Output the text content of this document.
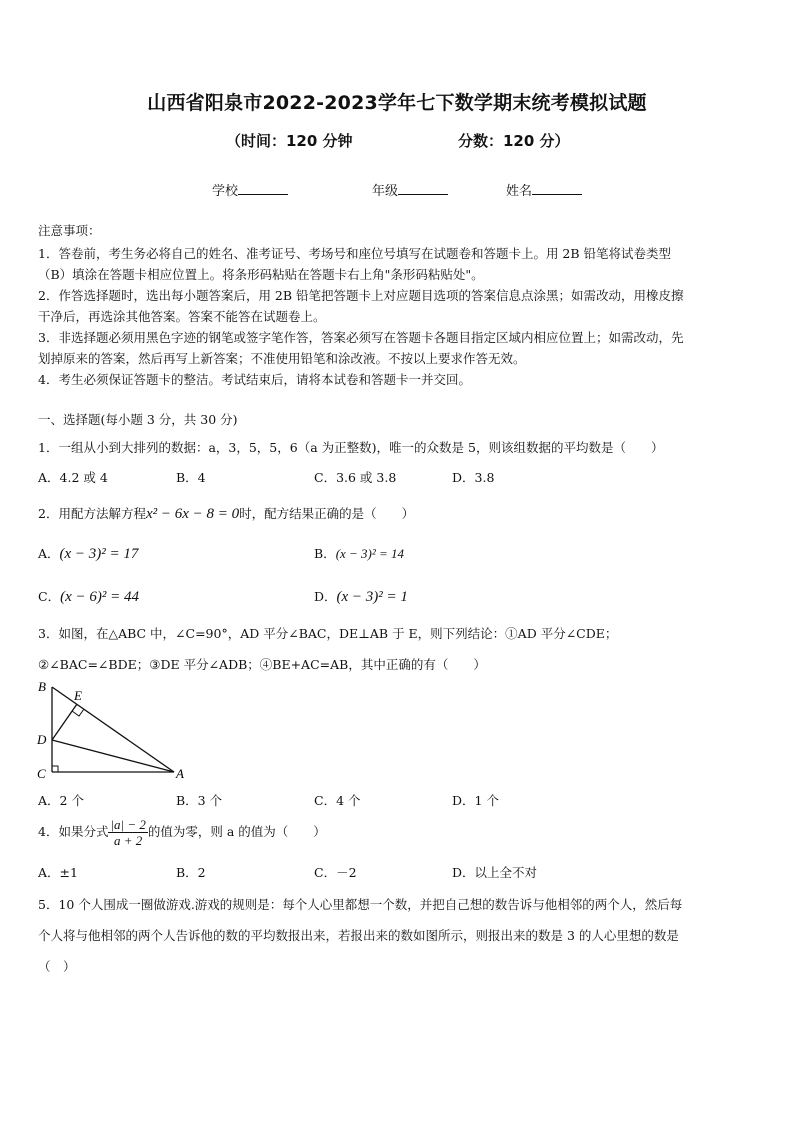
山西省阳泉市2022-2023学年七下数学期末统考模拟试题
（时间：120 分钟	分数：120 分）
学校	年级	姓名
注意事项：
1．答卷前，考生务必将自己的姓名、准考证号、考场号和座位号填写在试题卷和答题卡上。用 2B 铅笔将试卷类型
（B）填涂在答题卡相应位置上。将条形码粘贴在答题卡右上角"条形码粘贴处"。
2．作答选择题时，选出每小题答案后，用 2B 铅笔把答题卡上对应题目选项的答案信息点涂黑；如需改动，用橡皮擦
干净后，再选涂其他答案。答案不能答在试题卷上。
3．非选择题必须用黑色字迹的钢笔或签字笔作答，答案必须写在答题卡各题目指定区域内相应位置上；如需改动，先
划掉原来的答案，然后再写上新答案；不准使用铅笔和涂改液。不按以上要求作答无效。
4．考生必须保证答题卡的整洁。考试结束后，请将本试卷和答题卡一并交回。
一、选择题(每小题 3 分，共 30 分)
1．一组从小到大排列的数据：a，3，5，5，6（a 为正整数)，唯一的众数是 5，则该组数据的平均数是（　　）
A．4.2 或 4	B．4	C．3.6 或 3.8	D．3.8
2．用配方法解方程x² − 6x − 8 = 0时，配方结果正确的是（　　）
A．(x − 3)² = 17	B．(x − 3)² = 14
C．(x − 6)² = 44	D．(x − 3)² = 1
3．如图，在△ABC 中，∠C=90°，AD 平分∠BAC，DE⊥AB 于 E，则下列结论：①AD 平分∠CDE；
②∠BAC=∠BDE；③DE 平分∠ADB；④BE+AC=AB，其中正确的有（　　）
B
E
D
C	A
A．2 个	B．3 个	C．4 个	D．1 个
4．如果分式 $\frac{|a| - 2}{a + 2}$ 的值为零，则 a 的值为（　　）
A．±1	B．2	C．－2	D．以上全不对
5．10 个人围成一圈做游戏.游戏的规则是：每个人心里都想一个数，并把自己想的数告诉与他相邻的两个人，然后每
个人将与他相邻的两个人告诉他的数的平均数报出来，若报出来的数如图所示，则报出来的数是 3 的人心里想的数是
（　）
